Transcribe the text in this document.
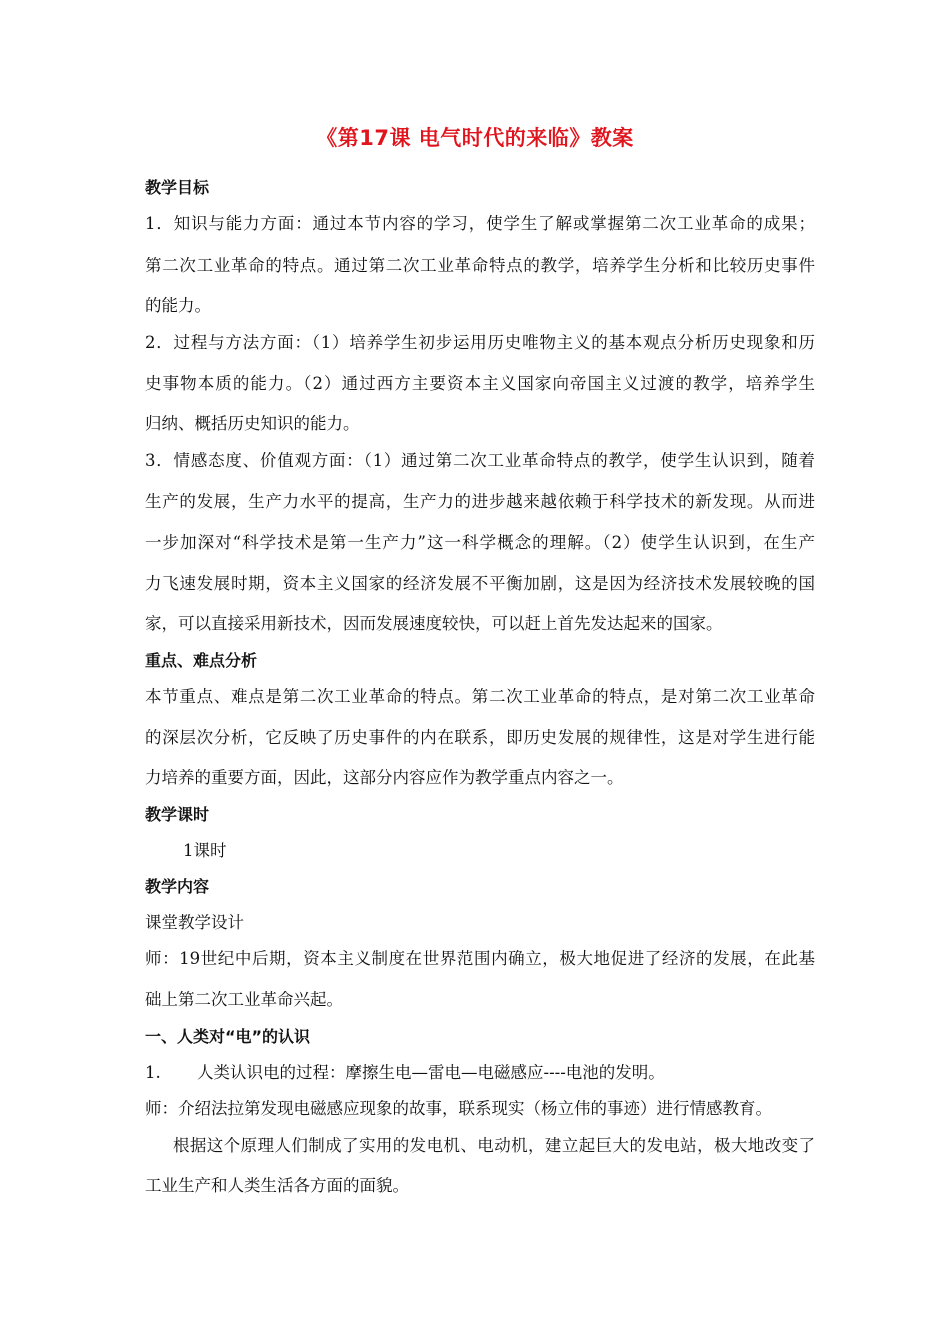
《第17课 电气时代的来临》教案
教学目标
1．知识与能力方面：通过本节内容的学习，使学生了解或掌握第二次工业革命的成果；
第二次工业革命的特点。通过第二次工业革命特点的教学，培养学生分析和比较历史事件
的能力。
2．过程与方法方面：（1）培养学生初步运用历史唯物主义的基本观点分析历史现象和历
史事物本质的能力。（2）通过西方主要资本主义国家向帝国主义过渡的教学，培养学生
归纳、概括历史知识的能力。
3．情感态度、价值观方面：（1）通过第二次工业革命特点的教学，使学生认识到，随着
生产的发展，生产力水平的提高，生产力的进步越来越依赖于科学技术的新发现。从而进
一步加深对“科学技术是第一生产力”这一科学概念的理解。（2）使学生认识到，在生产
力飞速发展时期，资本主义国家的经济发展不平衡加剧，这是因为经济技术发展较晚的国
家，可以直接采用新技术，因而发展速度较快，可以赶上首先发达起来的国家。
重点、难点分析
本节重点、难点是第二次工业革命的特点。第二次工业革命的特点，是对第二次工业革命
的深层次分析，它反映了历史事件的内在联系，即历史发展的规律性，这是对学生进行能
力培养的重要方面，因此，这部分内容应作为教学重点内容之一。
教学课时
1课时
教学内容
课堂教学设计
师：19世纪中后期，资本主义制度在世界范围内确立，极大地促进了经济的发展，在此基
础上第二次工业革命兴起。
一、人类对“电”的认识
1. 人类认识电的过程：摩擦生电—雷电—电磁感应----电池的发明。
师：介绍法拉第发现电磁感应现象的故事，联系现实（杨立伟的事迹）进行情感教育。
根据这个原理人们制成了实用的发电机、电动机，建立起巨大的发电站，极大地改变了
工业生产和人类生活各方面的面貌。
